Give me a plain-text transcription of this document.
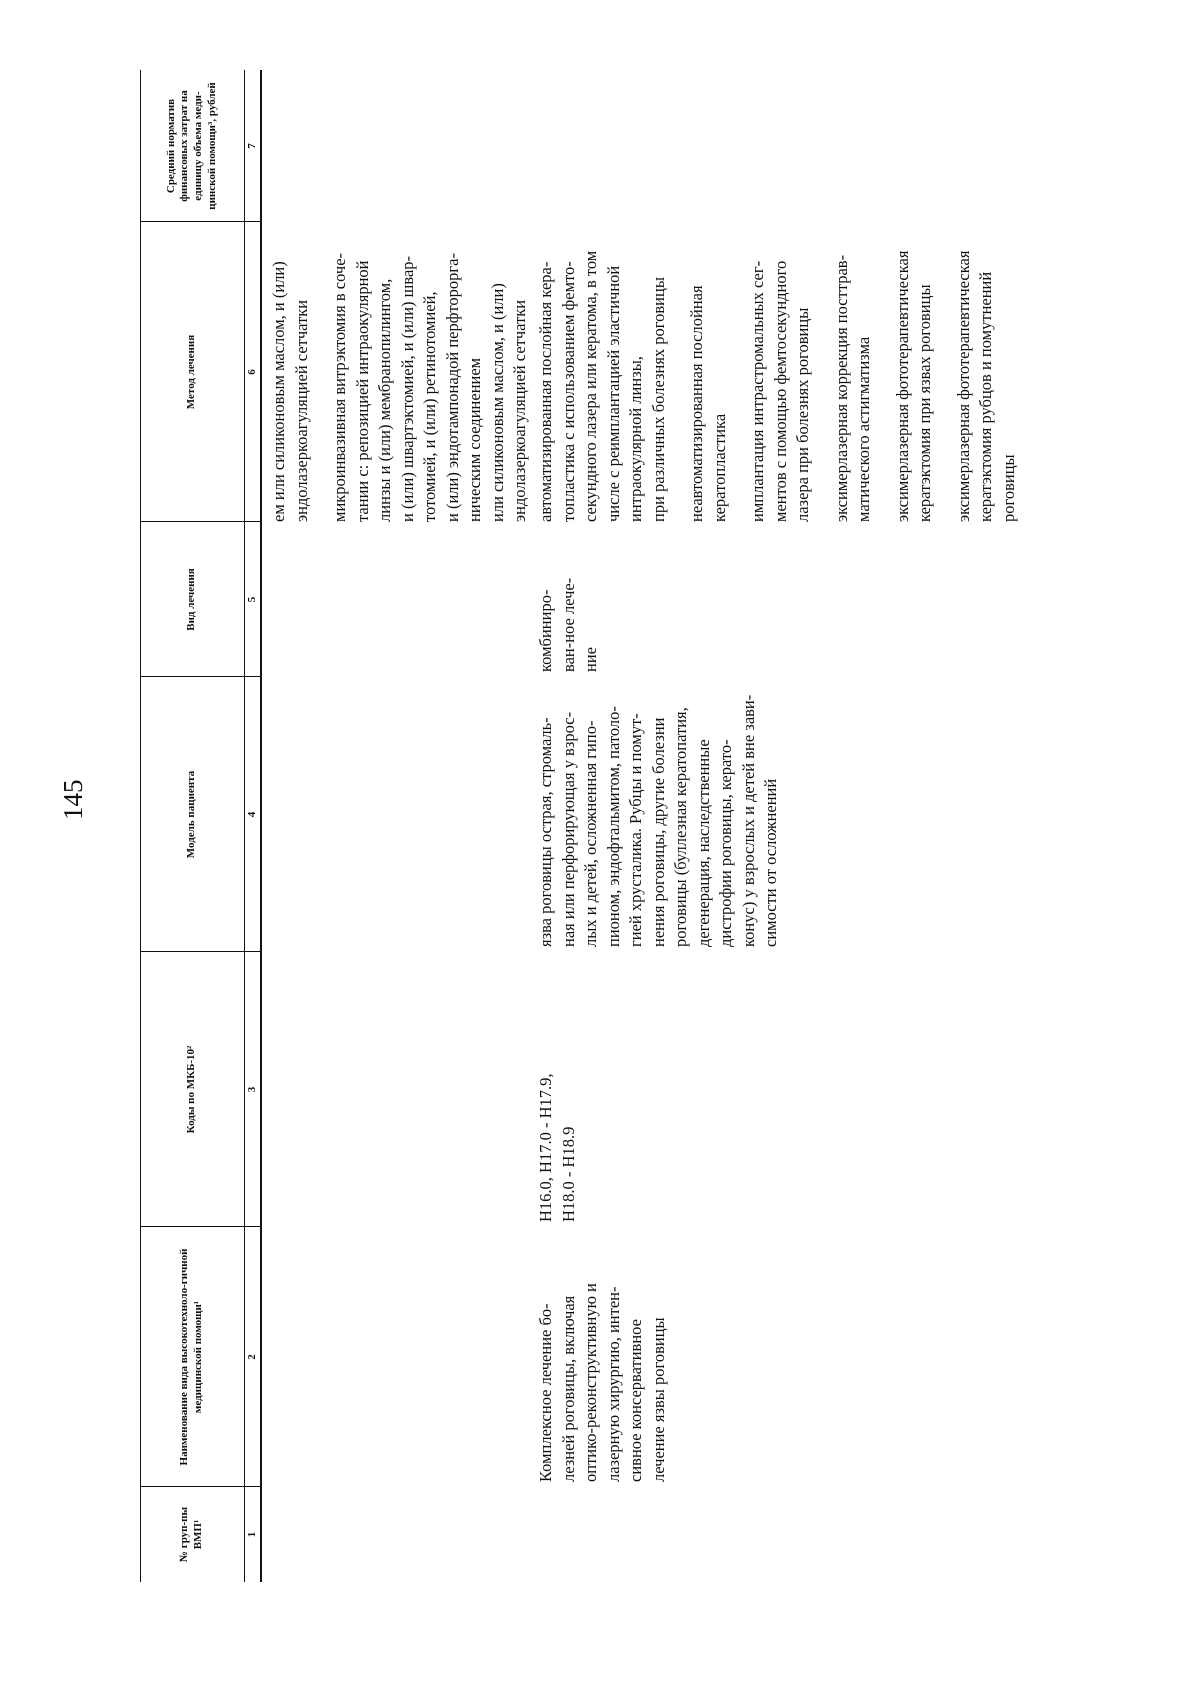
145
№ груп-пы ВМП¹
Наименование вида высокотехноло-гичной медицинской помощи¹
Коды по МКБ-10²
Модель пациента
Вид лечения
Метод лечения
Средний норматив финансовых затрат на единицу объема меди-цинской помощи³, рублей
1
2
3
4
5
6
7
ем или силиконовым маслом, и (или) эндолазеркоагуляцией сетчатки микроинвазивная витрэктомия в соче- тании с: репозицией интраокулярной линзы и (или) мембранопилингом, и (или) швартэктомией, и (или) швар- тотомией, и (или) ретинотомией, и (или) эндотампонадой перфторорга- ническим соединением или силиконовым маслом, и (или) эндолазеркоагуляцией сетчатки
Комплексное лечение бо- лезней роговицы, включая оптико-реконструктивную и лазерную хирургию, интен- сивное консервативное лечение язвы роговицы
H16.0, H17.0 - H17.9, H18.0 - H18.9
язва роговицы острая, стромаль- ная или перфорирующая у взрос- лых и детей, осложненная гипо- пионом, эндофтальмитом, патоло- гией хрусталика. Рубцы и помут- нения роговицы, другие болезни роговицы (буллезная кератопатия, дегенерация, наследственные дистрофии роговицы, керато- конус) у взрослых и детей вне зави- симости от осложнений
комбиниро- ван-ное лече- ние
автоматизированная послойная кера- топластика с использованием фемто- секундного лазера или кератома, в том числе с реимплантацией эластичной интраокулярной линзы, при различных болезнях роговицы неавтоматизированная послойная кератопластика имплантация интрастромальных сег- ментов с помощью фемтосекундного лазера при болезнях роговицы эксимерлазерная коррекция посттрав- матического астигматизма эксимерлазерная фототерапевтическая кератэктомия при язвах роговицы эксимерлазерная фототерапевтическая кератэктомия рубцов и помутнений роговицы
